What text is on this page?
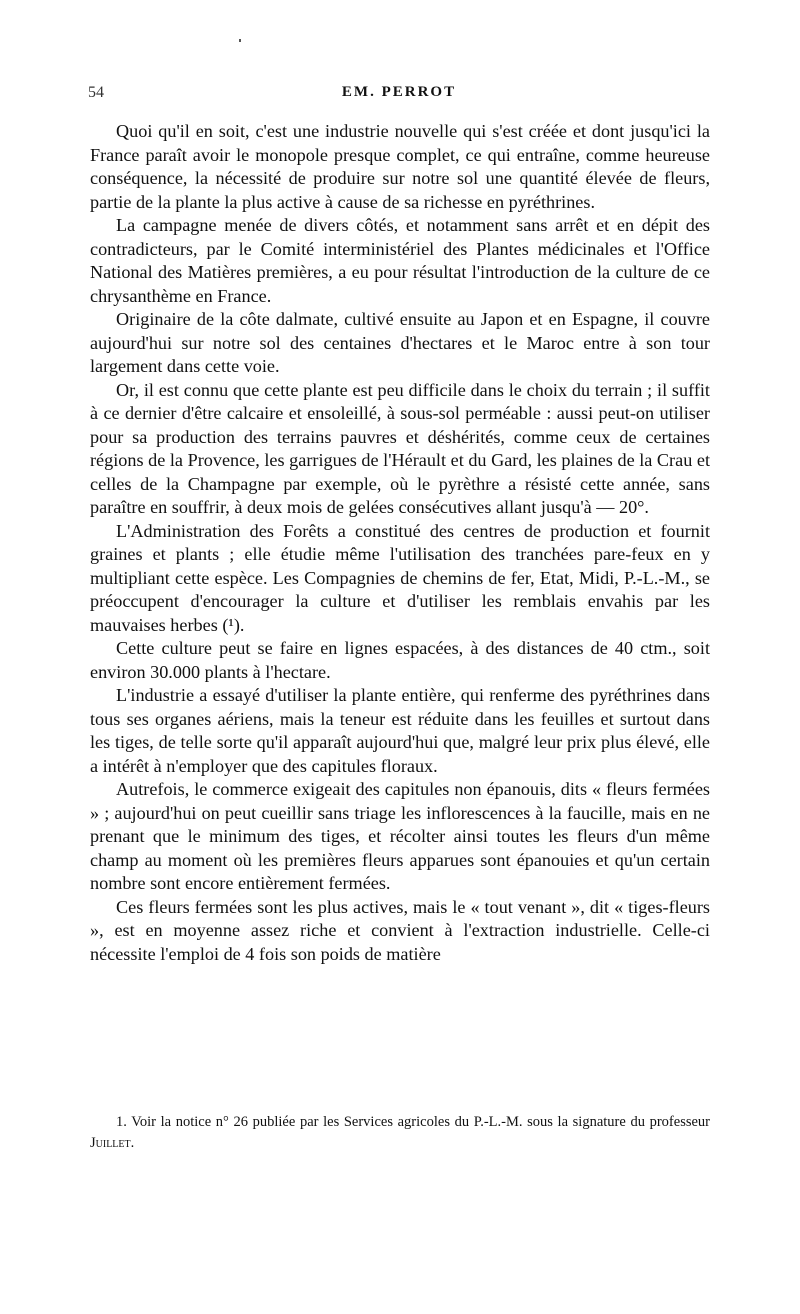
54	EM. PERROT

Quoi qu'il en soit, c'est une industrie nouvelle qui s'est créée et dont jusqu'ici la France paraît avoir le monopole presque complet, ce qui entraîne, comme heureuse conséquence, la nécessité de produire sur notre sol une quantité élevée de fleurs, partie de la plante la plus active à cause de sa richesse en pyréthrines.

La campagne menée de divers côtés, et notamment sans arrêt et en dépit des contradicteurs, par le Comité interministériel des Plantes médicinales et l'Office National des Matières premières, a eu pour résultat l'introduction de la culture de ce chrysanthème en France.

Originaire de la côte dalmate, cultivé ensuite au Japon et en Espagne, il couvre aujourd'hui sur notre sol des centaines d'hectares et le Maroc entre à son tour largement dans cette voie.

Or, il est connu que cette plante est peu difficile dans le choix du terrain ; il suffit à ce dernier d'être calcaire et ensoleillé, à sous-sol perméable : aussi peut-on utiliser pour sa production des terrains pauvres et déshérités, comme ceux de certaines régions de la Provence, les garrigues de l'Hérault et du Gard, les plaines de la Crau et celles de la Champagne par exemple, où le pyrèthre a résisté cette année, sans paraître en souffrir, à deux mois de gelées consécutives allant jusqu'à — 20°.

L'Administration des Forêts a constitué des centres de production et fournit graines et plants ; elle étudie même l'utilisation des tranchées pare-feux en y multipliant cette espèce. Les Compagnies de chemins de fer, Etat, Midi, P.-L.-M., se préoccupent d'encourager la culture et d'utiliser les remblais envahis par les mauvaises herbes (¹).

Cette culture peut se faire en lignes espacées, à des distances de 40 ctm., soit environ 30.000 plants à l'hectare.

L'industrie a essayé d'utiliser la plante entière, qui renferme des pyréthrines dans tous ses organes aériens, mais la teneur est réduite dans les feuilles et surtout dans les tiges, de telle sorte qu'il apparaît aujourd'hui que, malgré leur prix plus élevé, elle a intérêt à n'employer que des capitules floraux.

Autrefois, le commerce exigeait des capitules non épanouis, dits « fleurs fermées » ; aujourd'hui on peut cueillir sans triage les inflorescences à la faucille, mais en ne prenant que le minimum des tiges, et récolter ainsi toutes les fleurs d'un même champ au moment où les premières fleurs apparues sont épanouies et qu'un certain nombre sont encore entièrement fermées.

Ces fleurs fermées sont les plus actives, mais le « tout venant », dit « tiges-fleurs », est en moyenne assez riche et convient à l'extraction industrielle. Celle-ci nécessite l'emploi de 4 fois son poids de matière

1. Voir la notice n° 26 publiée par les Services agricoles du P.-L.-M. sous la signature du professeur Juillet.
